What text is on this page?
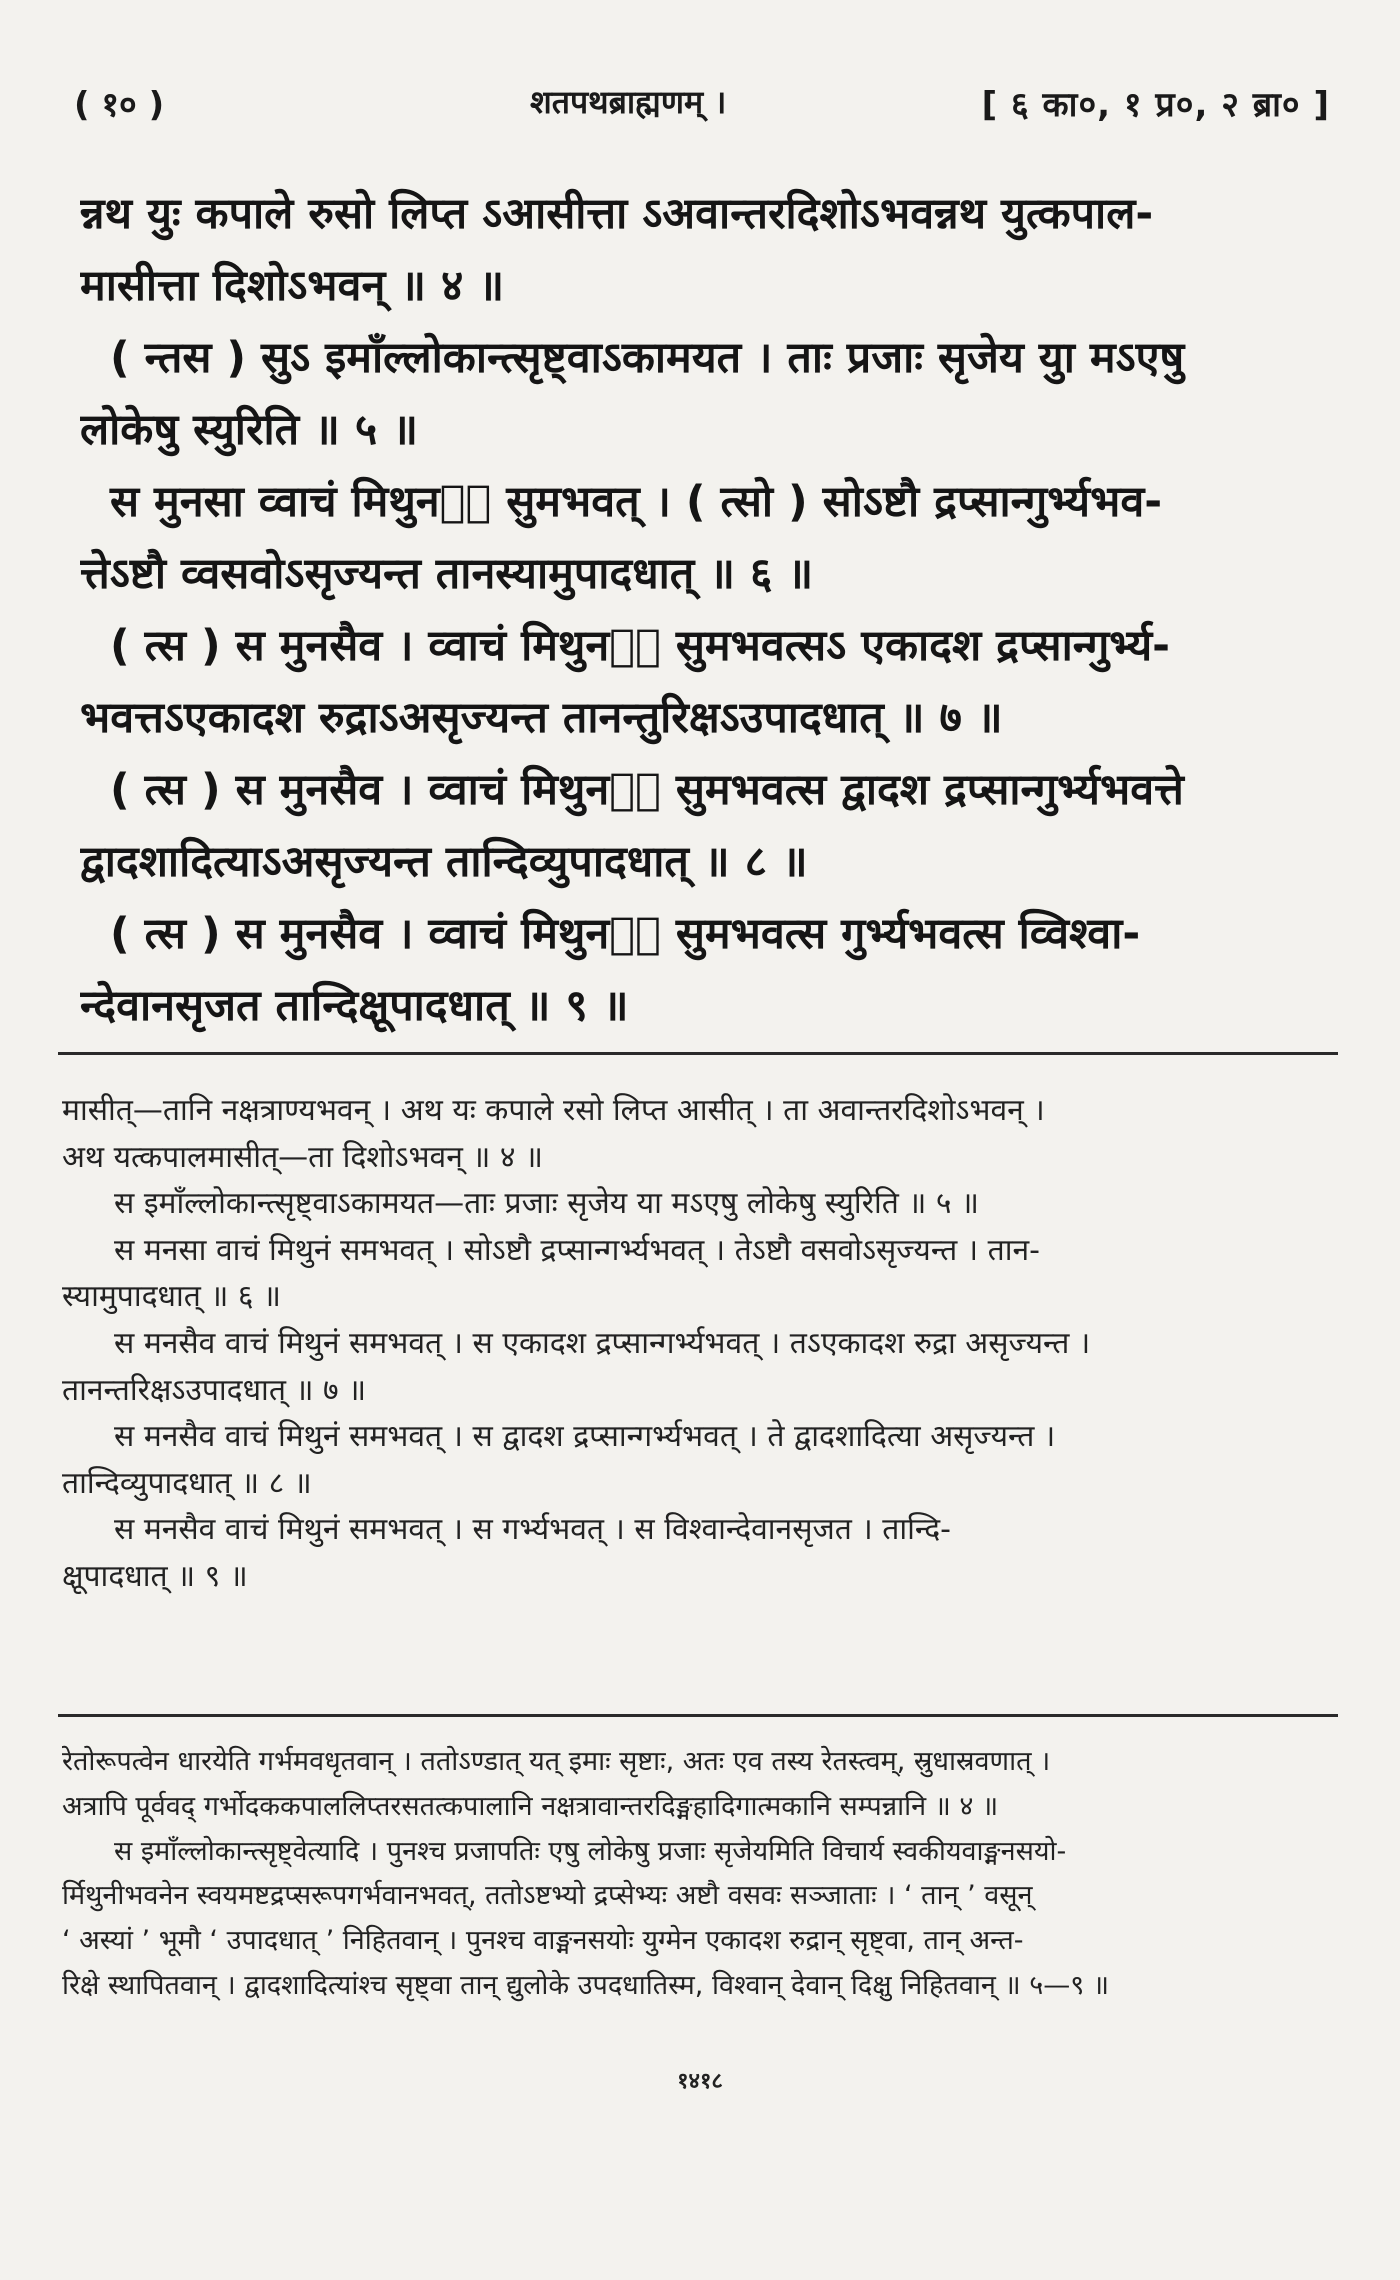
( १० )	शतपथब्राह्मणम् ।	[ ६ का०, १ प्र०, २ ब्रा० ]
न्नथ युः कपाले रुसो लिप्त ऽआसीत्ता ऽअवान्तरदिशोऽभवन्नथ युत्कपाल-
मासीत्ता दिशोऽभवन् ॥ ४ ॥
( न्तस ) सुऽ इमाँल्लोकान्त्सृष्ट्वाऽकामयत । ताः प्रजाः सृजेय युा मऽएषु
लोकेषु स्युरिति ॥ ५ ॥
स मुनसा व्वाचं मिथुनᳪं सुमभवत् । ( त्सो ) सोऽष्टौ द्रप्सान्गुर्भ्यभव-
त्तेऽष्टौ व्वसवोऽसृज्यन्त तानस्यामुपादधात् ॥ ६ ॥
( त्स ) स मुनसैव । व्वाचं मिथुनᳪं सुमभवत्सऽ एकादश द्रप्सान्गुर्भ्य-
भवत्तऽएकादश रुद्राऽअसृज्यन्त तानन्तुरिक्षऽउपादधात् ॥ ७ ॥
( त्स ) स मुनसैव । व्वाचं मिथुनᳪं सुमभवत्स द्वादश द्रप्सान्गुर्भ्यभवत्ते
द्वादशादित्याऽअसृज्यन्त तान्दिव्युपादधात् ॥ ८ ॥
( त्स ) स मुनसैव । व्वाचं मिथुनᳪं सुमभवत्स गुर्भ्यभवत्स व्विश्वा-
न्देवानसृजत तान्दिक्षूपादधात् ॥ ९ ॥
मासीत्—तानि नक्षत्राण्यभवन् । अथ यः कपाले रसो लिप्त आसीत् । ता अवान्तरदिशोऽभवन् ।
अथ यत्कपालमासीत्—ता दिशोऽभवन् ॥ ४ ॥
स इमाँल्लोकान्त्सृष्ट्वाऽकामयत—ताः प्रजाः सृजेय या मऽएषु लोकेषु स्युरिति ॥ ५ ॥
स मनसा वाचं मिथुनं समभवत् । सोऽष्टौ द्रप्सान्गर्भ्यभवत् । तेऽष्टौ वसवोऽसृज्यन्त । तान-
स्यामुपादधात् ॥ ६ ॥
स मनसैव वाचं मिथुनं समभवत् । स एकादश द्रप्सान्गर्भ्यभवत् । तऽएकादश रुद्रा असृज्यन्त ।
तानन्तरिक्षऽउपादधात् ॥ ७ ॥
स मनसैव वाचं मिथुनं समभवत् । स द्वादश द्रप्सान्गर्भ्यभवत् । ते द्वादशादित्या असृज्यन्त ।
तान्दिव्युपादधात् ॥ ८ ॥
स मनसैव वाचं मिथुनं समभवत् । स गर्भ्यभवत् । स विश्वान्देवानसृजत । तान्दि-
क्षूपादधात् ॥ ९ ॥
रेतोरूपत्वेन धारयेति गर्भमवधृतवान् । ततोऽण्डात् यत् इमाः सृष्टाः, अतः एव तस्य रेतस्त्वम्, स्रुधास्रवणात् ।
अत्रापि पूर्ववद् गर्भोदककपाललिप्तरसतत्कपालानि नक्षत्रावान्तरदिङ्महादिगात्मकानि सम्पन्नानि ॥ ४ ॥
स इमाँल्लोकान्त्सृष्ट्वेत्यादि । पुनश्च प्रजापतिः एषु लोकेषु प्रजाः सृजेयमिति विचार्य स्वकीयवाङ्मनसयो-
र्मिथुनीभवनेन स्वयमष्टद्रप्सरूपगर्भवानभवत्, ततोऽष्टभ्यो द्रप्सेभ्यः अष्टौ वसवः सञ्जाताः । ‘ तान् ’ वसून्
‘ अस्यां ’ भूमौ ‘ उपादधात् ’ निहितवान् । पुनश्च वाङ्मनसयोः युग्मेन एकादश रुद्रान् सृष्ट्वा, तान् अन्त-
रिक्षे स्थापितवान् । द्वादशादित्यांश्च सृष्ट्वा तान् द्युलोके उपदधातिस्म, विश्वान् देवान् दिक्षु निहितवान् ॥ ५—९ ॥
१४१८
